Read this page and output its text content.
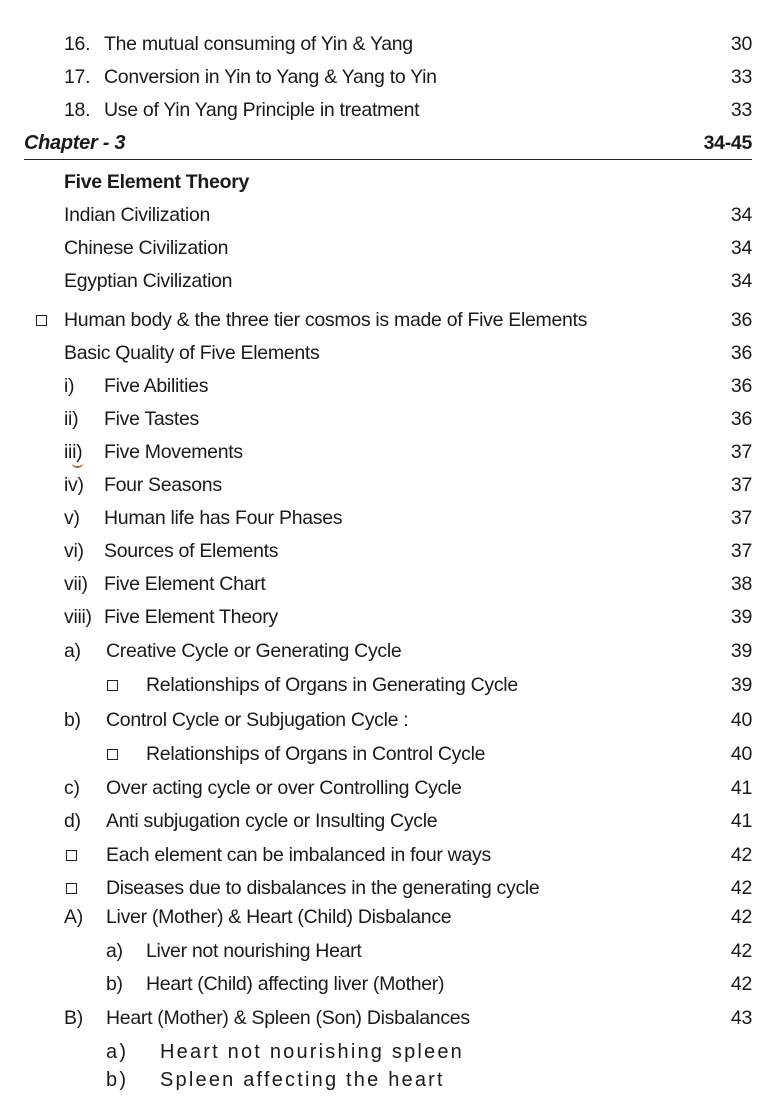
16. The mutual consuming of Yin & Yang	30
17. Conversion in Yin to Yang & Yang to Yin	33
18. Use of Yin Yang Principle in treatment	33
Chapter - 3	34-45
Five Element Theory
Indian Civilization	34
Chinese Civilization	34
Egyptian Civilization	34
Human body & the three tier cosmos is made of Five Elements	36
Basic Quality of Five Elements	36
i) Five Abilities	36
ii) Five Tastes	36
iii) Five Movements	37
iv) Four Seasons	37
v) Human life has Four Phases	37
vi) Sources of Elements	37
vii) Five Element Chart	38
viii) Five Element Theory	39
a) Creative Cycle or Generating Cycle	39
Relationships of Organs in Generating Cycle	39
b) Control Cycle or Subjugation Cycle :	40
Relationships of Organs in Control Cycle	40
c) Over acting cycle or over Controlling Cycle	41
d) Anti subjugation cycle or Insulting Cycle	41
Each element can be imbalanced in four ways	42
Diseases due to disbalances in the generating cycle	42
A) Liver (Mother) & Heart (Child) Disbalance	42
a) Liver not nourishing Heart	42
b) Heart (Child) affecting liver (Mother)	42
B) Heart (Mother) & Spleen (Son) Disbalances	43
a) Heart not nourishing spleen
b) Spleen affecting the heart
